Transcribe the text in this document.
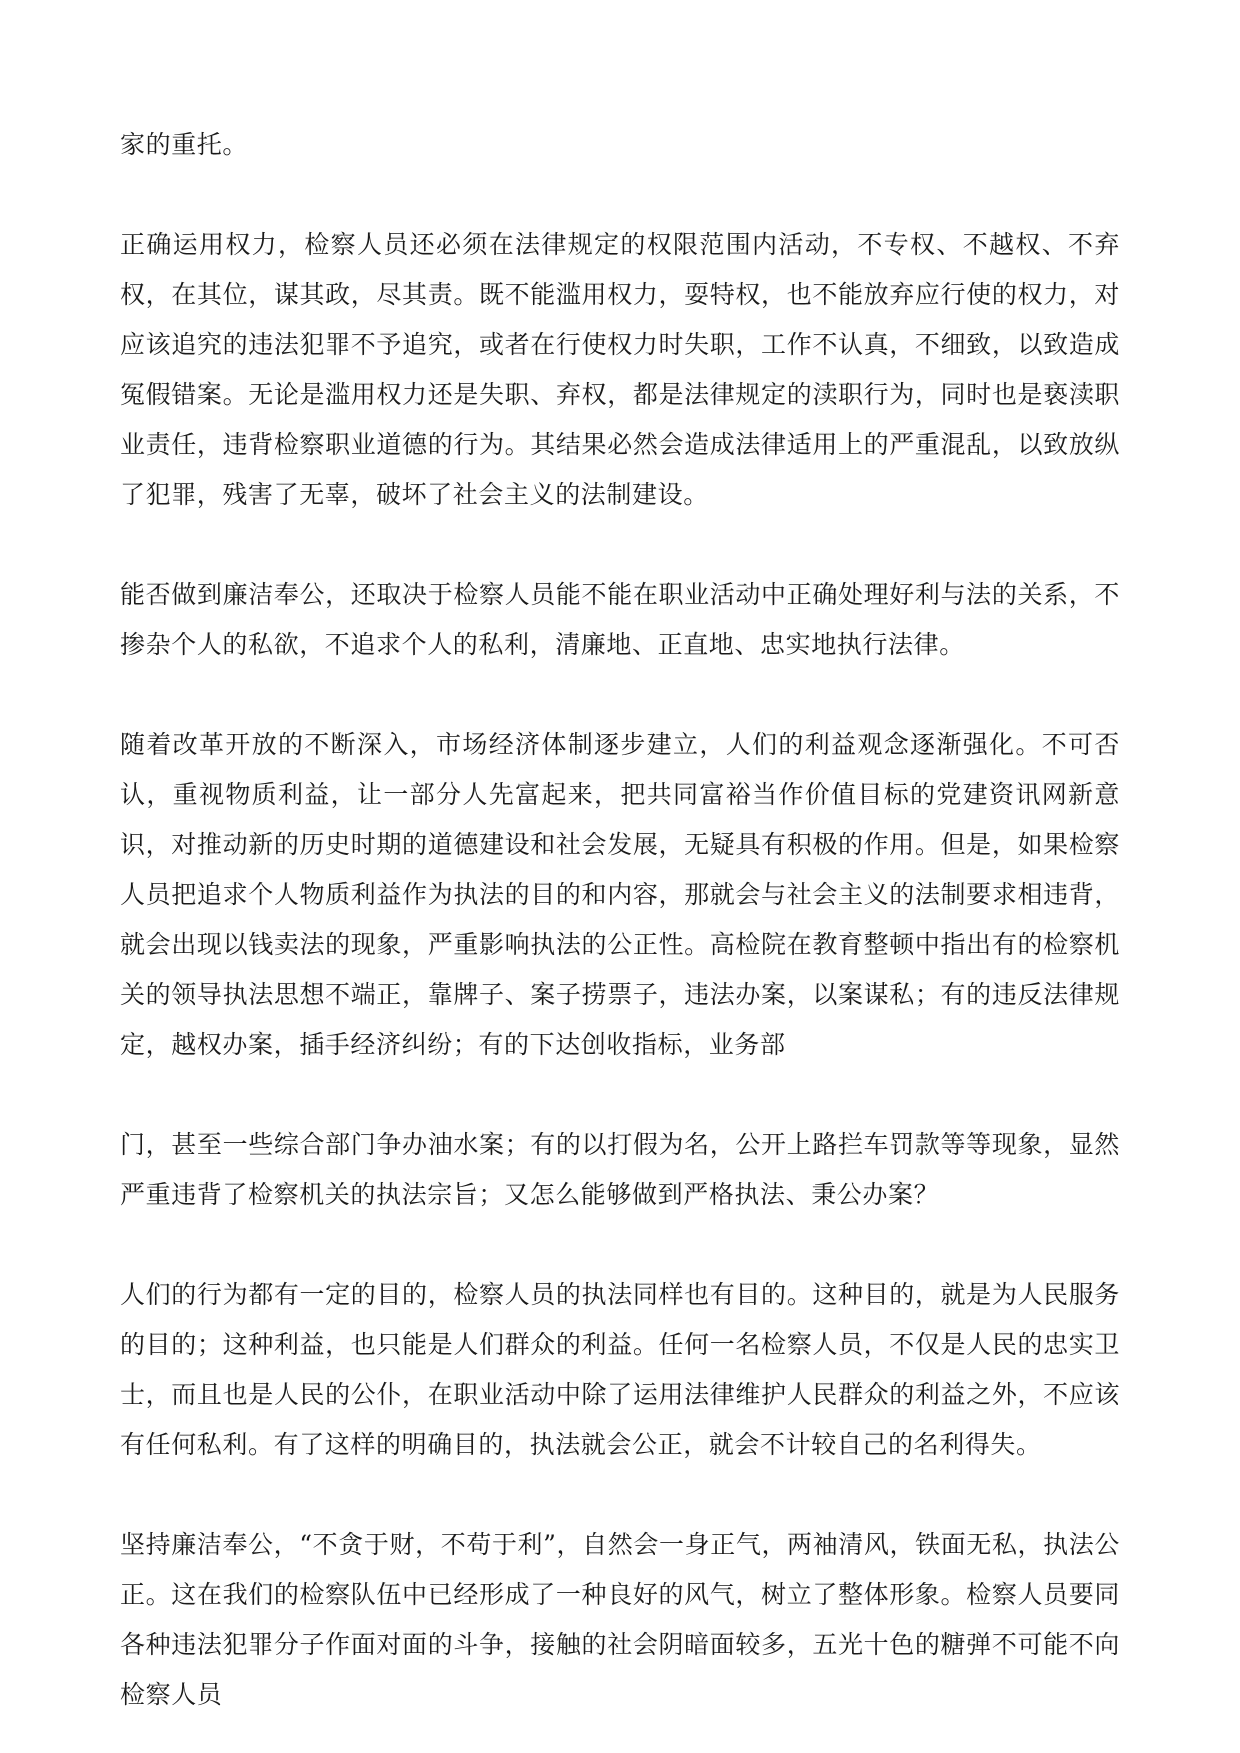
家的重托。

正确运用权力，检察人员还必须在法律规定的权限范围内活动，不专权、不越权、不弃权，在其位，谋其政，尽其责。既不能滥用权力，耍特权，也不能放弃应行使的权力，对应该追究的违法犯罪不予追究，或者在行使权力时失职，工作不认真，不细致，以致造成冤假错案。无论是滥用权力还是失职、弃权，都是法律规定的渎职行为，同时也是亵渎职业责任，违背检察职业道德的行为。其结果必然会造成法律适用上的严重混乱，以致放纵了犯罪，残害了无辜，破坏了社会主义的法制建设。

能否做到廉洁奉公，还取决于检察人员能不能在职业活动中正确处理好利与法的关系，不掺杂个人的私欲，不追求个人的私利，清廉地、正直地、忠实地执行法律。

随着改革开放的不断深入，市场经济体制逐步建立，人们的利益观念逐渐强化。不可否认，重视物质利益，让一部分人先富起来，把共同富裕当作价值目标的党建资讯网新意识，对推动新的历史时期的道德建设和社会发展，无疑具有积极的作用。但是，如果检察人员把追求个人物质利益作为执法的目的和内容，那就会与社会主义的法制要求相违背，就会出现以钱卖法的现象，严重影响执法的公正性。高检院在教育整顿中指出有的检察机关的领导执法思想不端正，靠牌子、案子捞票子，违法办案，以案谋私；有的违反法律规定，越权办案，插手经济纠纷；有的下达创收指标，业务部

门，甚至一些综合部门争办油水案；有的以打假为名，公开上路拦车罚款等等现象，显然严重违背了检察机关的执法宗旨；又怎么能够做到严格执法、秉公办案？

人们的行为都有一定的目的，检察人员的执法同样也有目的。这种目的，就是为人民服务的目的；这种利益，也只能是人们群众的利益。任何一名检察人员，不仅是人民的忠实卫士，而且也是人民的公仆，在职业活动中除了运用法律维护人民群众的利益之外，不应该有任何私利。有了这样的明确目的，执法就会公正，就会不计较自己的名利得失。

坚持廉洁奉公，“不贪于财，不苟于利”，自然会一身正气，两袖清风，铁面无私，执法公正。这在我们的检察队伍中已经形成了一种良好的风气，树立了整体形象。检察人员要同各种违法犯罪分子作面对面的斗争，接触的社会阴暗面较多，五光十色的糖弹不可能不向检察人员
